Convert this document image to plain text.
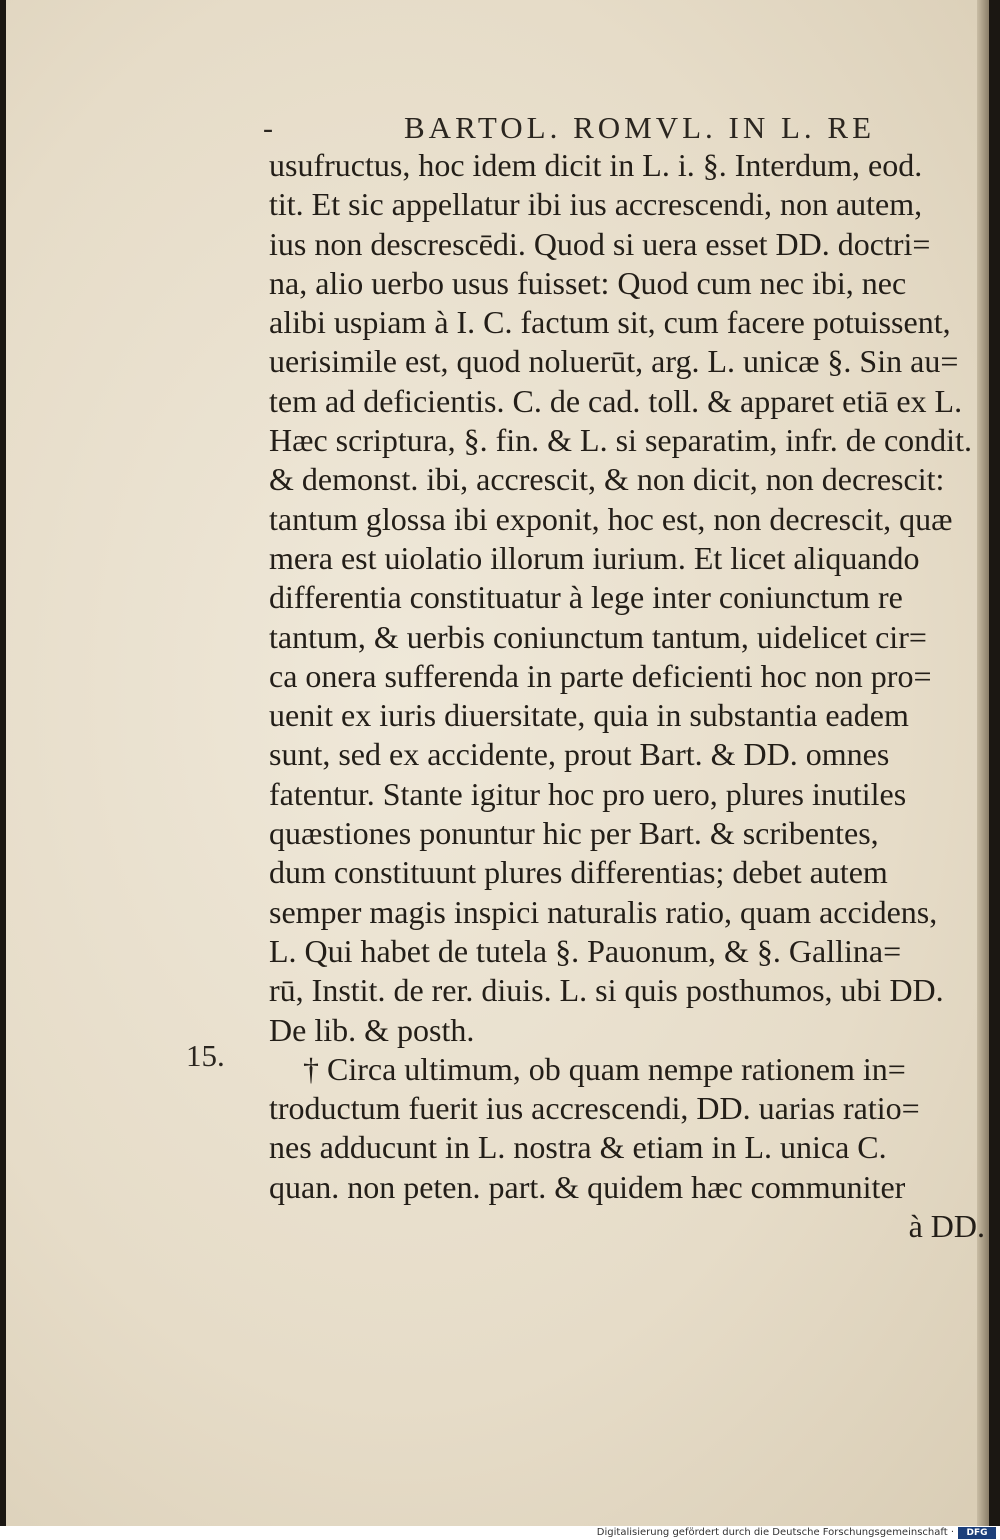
-	BARTOL. ROMVL. IN L. RE
usufructus, hoc idem dicit in L. i. §. Interdum, eod.
tit. Et sic appellatur ibi ius accrescendi, non autem,
ius non descrescēdi. Quod si uera esset DD. doctri=
na, alio uerbo usus fuisset: Quod cum nec ibi, nec
alibi uspiam à I. C. factum sit, cum facere potuissent,
uerisimile est, quod noluerūt, arg. L. unicæ §. Sin au=
tem ad deficientis. C. de cad. toll. & apparet etiā ex L.
Hæc scriptura, §. fin. & L. si separatim, infr. de condit.
& demonst. ibi, accrescit, & non dicit, non decrescit:
tantum glossa ibi exponit, hoc est, non decrescit, quæ
mera est uiolatio illorum iurium. Et licet aliquando
differentia constituatur à lege inter coniunctum re
tantum, & uerbis coniunctum tantum, uidelicet cir=
ca onera sufferenda in parte deficienti hoc non pro=
uenit ex iuris diuersitate, quia in substantia eadem
sunt, sed ex accidente, prout Bart. & DD. omnes
fatentur. Stante igitur hoc pro uero, plures inutiles
quæstiones ponuntur hic per Bart. & scribentes,
dum constituunt plures differentias; debet autem
semper magis inspici naturalis ratio, quam accidens,
L. Qui habet de tutela §. Pauonum, & §. Gallina=
rū, Instit. de rer. diuis. L. si quis posthumos, ubi DD.
De lib. & posth.
† Circa ultimum, ob quam nempe rationem in=
troductum fuerit ius accrescendi, DD. uarias ratio=
nes adducunt in L. nostra & etiam in L. unica C.
quan. non peten. part. & quidem hæc communiter
à DD.
15.
Digitalisierung gefördert durch die Deutsche Forschungsgemeinschaft ·	DFG
